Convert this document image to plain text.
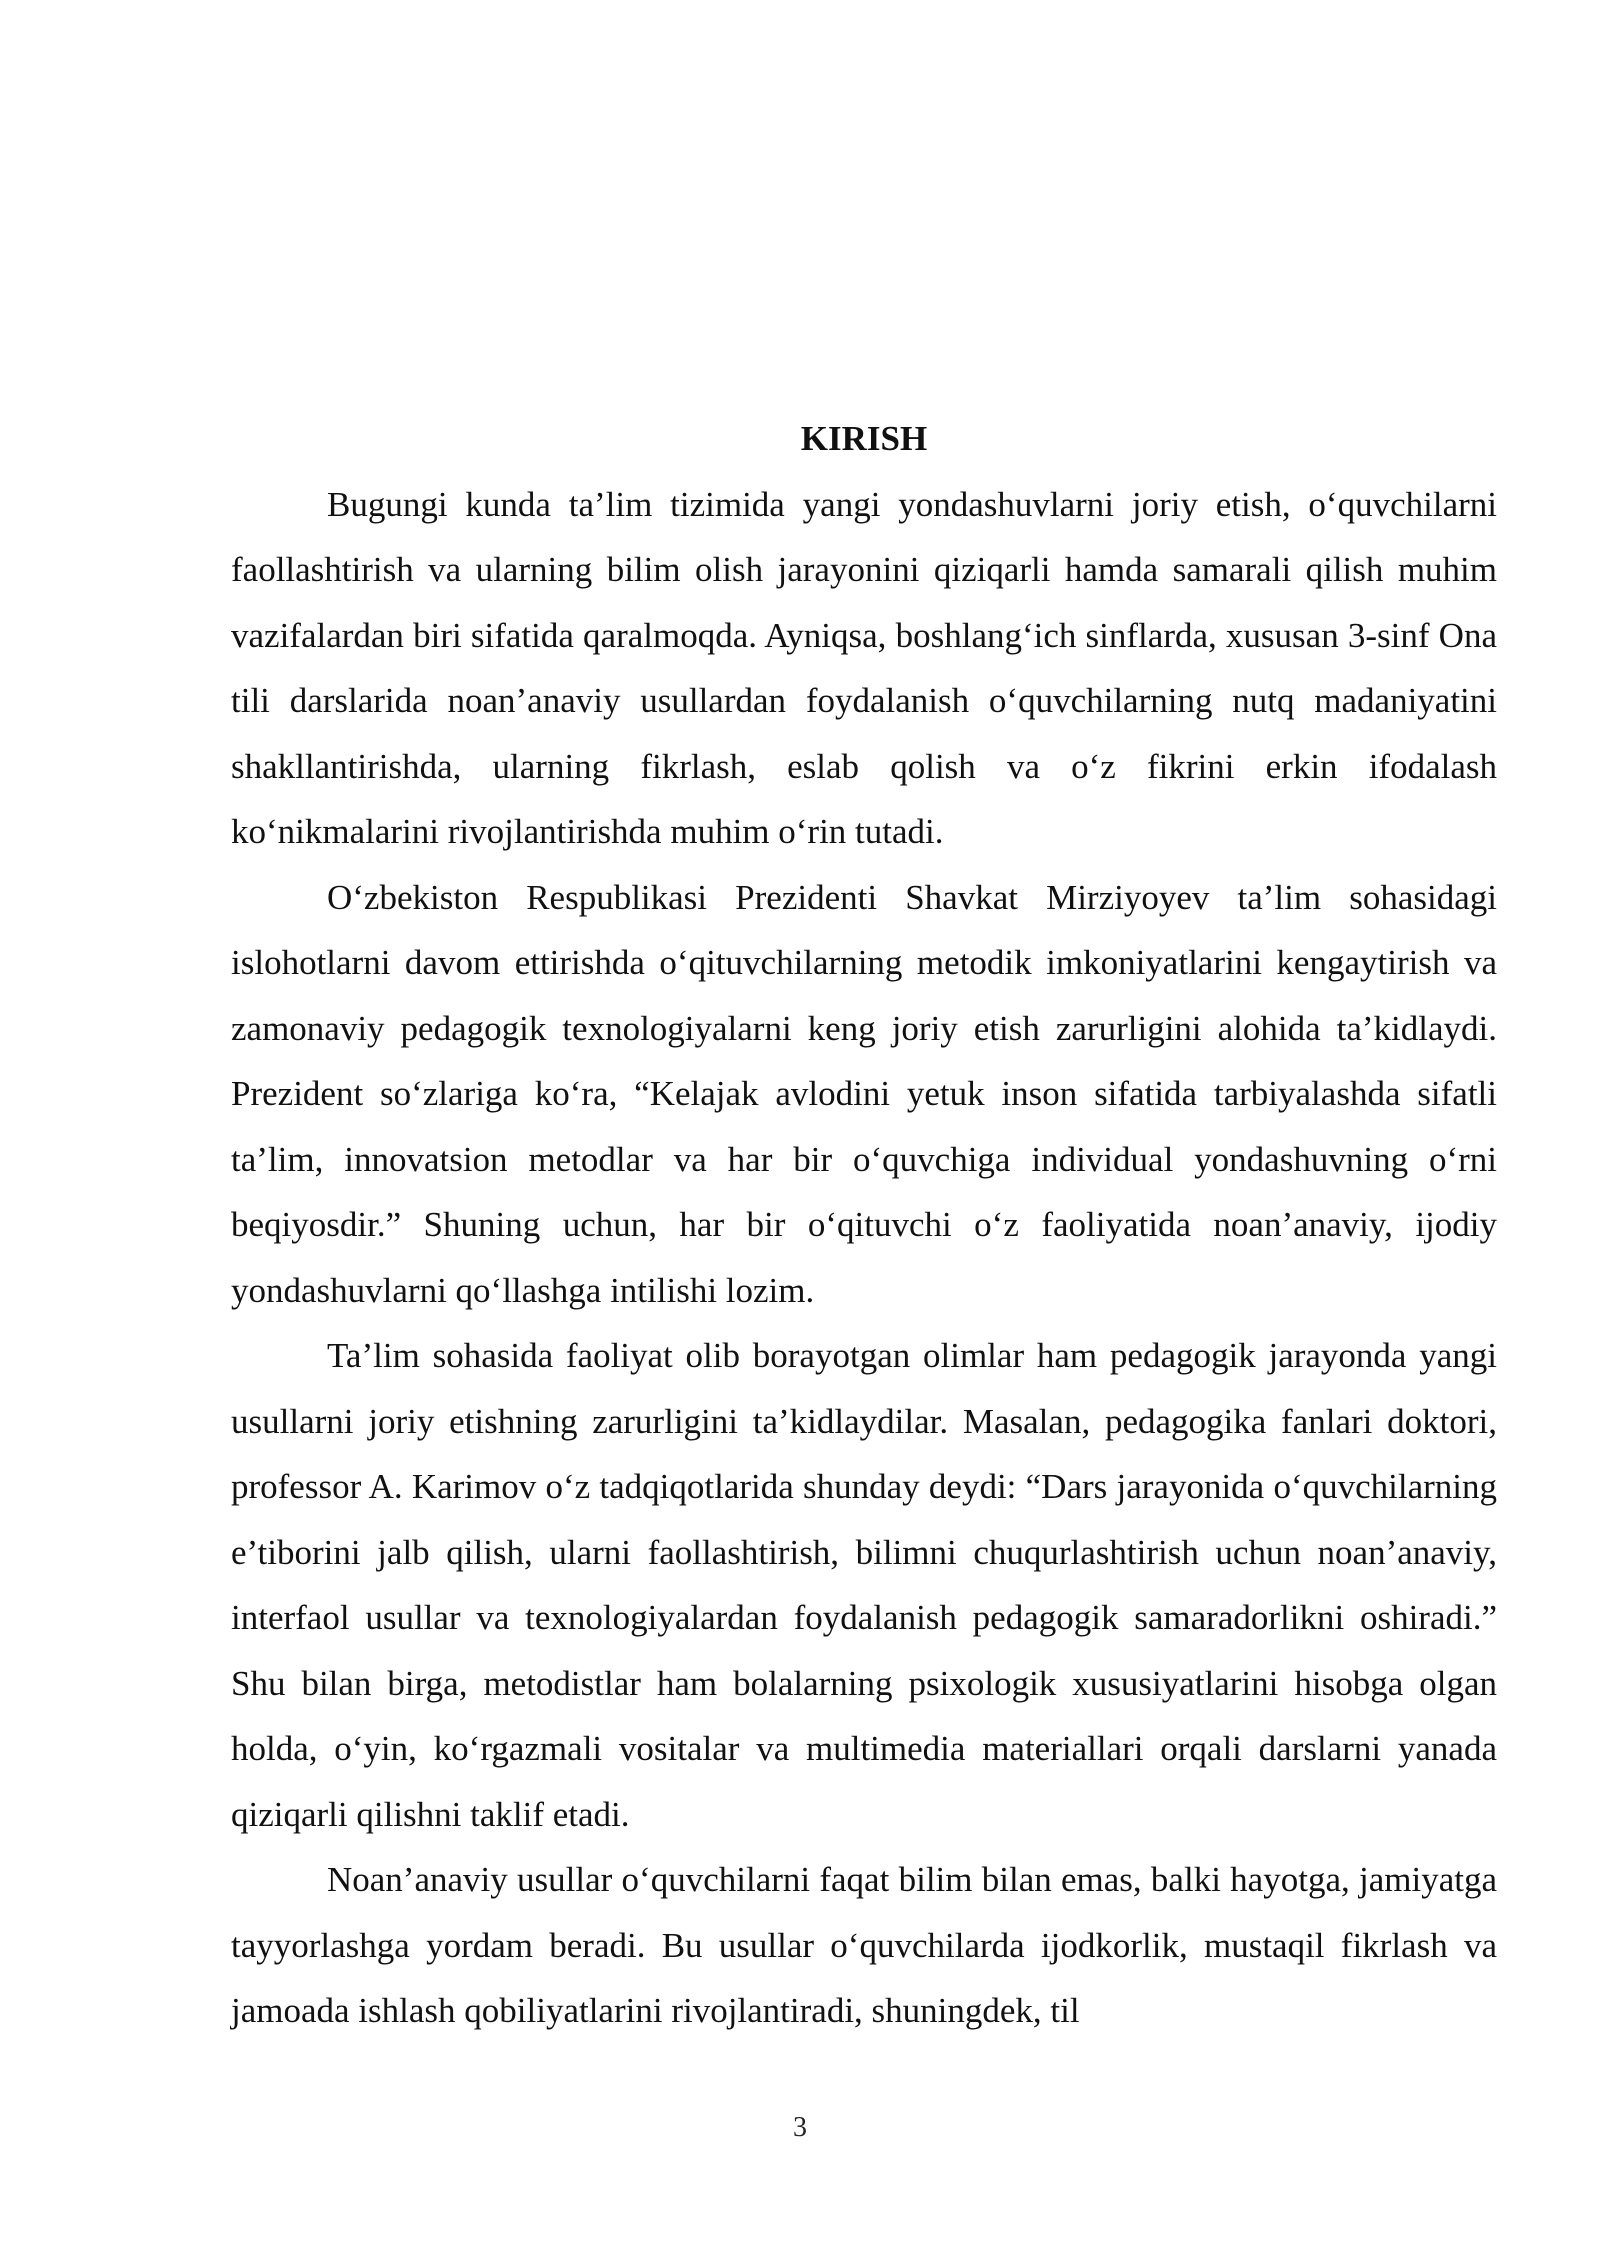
KIRISH

Bugungi kunda ta’lim tizimida yangi yondashuvlarni joriy etish, o‘quvchilarni faollashtirish va ularning bilim olish jarayonini qiziqarli hamda samarali qilish muhim vazifalardan biri sifatida qaralmoqda. Ayniqsa, boshlang‘ich sinflarda, xususan 3-sinf Ona tili darslarida noan’anaviy usullardan foydalanish o‘quvchilarning nutq madaniyatini shakllantirishda, ularning fikrlash, eslab qolish va o‘z fikrini erkin ifodalash ko‘nikmalarini rivojlantirishda muhim o‘rin tutadi.

O‘zbekiston Respublikasi Prezidenti Shavkat Mirziyoyev ta’lim sohasidagi islohotlarni davom ettirishda o‘qituvchilarning metodik imkoniyatlarini kengaytirish va zamonaviy pedagogik texnologiyalarni keng joriy etish zarurligini alohida ta’kidlaydi. Prezident so‘zlariga ko‘ra, “Kelajak avlodini yetuk inson sifatida tarbiyalashda sifatli ta’lim, innovatsion metodlar va har bir o‘quvchiga individual yondashuvning o‘rni beqiyosdir.” Shuning uchun, har bir o‘qituvchi o‘z faoliyatida noan’anaviy, ijodiy yondashuvlarni qo‘llashga intilishi lozim.

Ta’lim sohasida faoliyat olib borayotgan olimlar ham pedagogik jarayonda yangi usullarni joriy etishning zarurligini ta’kidlaydilar. Masalan, pedagogika fanlari doktori, professor A. Karimov o‘z tadqiqotlarida shunday deydi: “Dars jarayonida o‘quvchilarning e’tiborini jalb qilish, ularni faollashtirish, bilimni chuqurlashtirish uchun noan’anaviy, interfaol usullar va texnologiyalardan foydalanish pedagogik samaradorlikni oshiradi.” Shu bilan birga, metodistlar ham bolalarning psixologik xususiyatlarini hisobga olgan holda, o‘yin, ko‘rgazmali vositalar va multimedia materiallari orqali darslarni yanada qiziqarli qilishni taklif etadi.

Noan’anaviy usullar o‘quvchilarni faqat bilim bilan emas, balki hayotga, jamiyatga tayyorlashga yordam beradi. Bu usullar o‘quvchilarda ijodkorlik, mustaqil fikrlash va jamoada ishlash qobiliyatlarini rivojlantiradi, shuningdek, til

3
